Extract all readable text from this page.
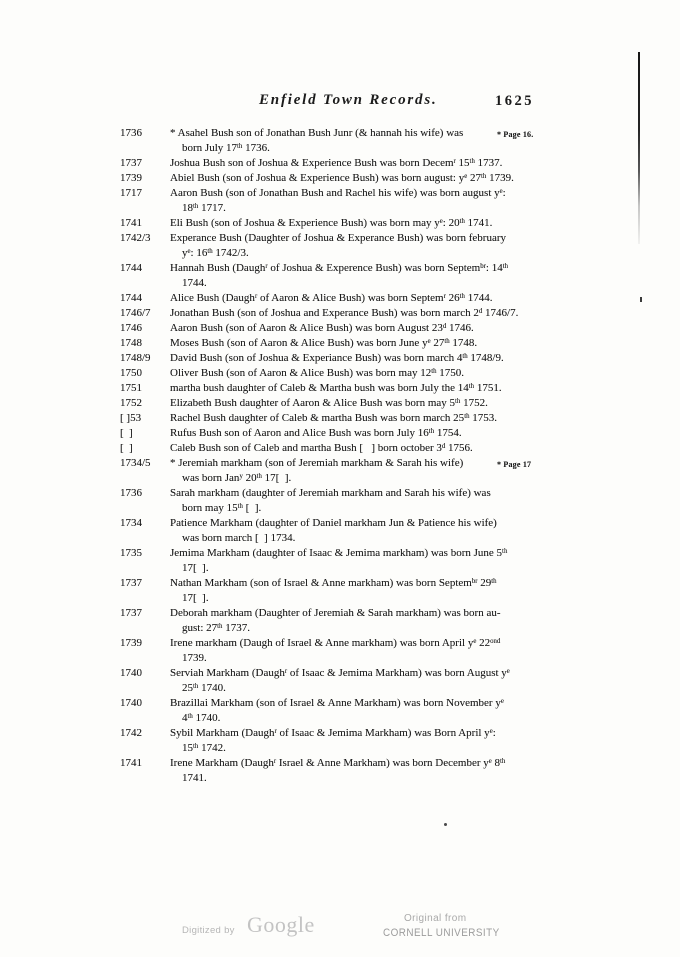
Enfield Town Records.	1625
1736	* Asahel Bush son of Jonathan Bush Junr (& hannah his wife) was
born July 17th 1736.
* Page 16.
1737	Joshua Bush son of Joshua & Experience Bush was born Decem$^r$ 15th 1737.
1739	Abiel Bush (son of Joshua & Experience Bush) was born august: $y^e$ 27th 1739.
1717	Aaron Bush (son of Jonathan Bush and Rachel his wife) was born august $y^e$:
18th 1717.
1741	Eli Bush (son of Joshua & Experience Bush) was born may $y^e$: 20th 1741.
1742/3 Experance Bush (Daughter of Joshua & Experance Bush) was born february
$y^e$: 16th 1742/3.
1744	Hannah Bush (Daugh$^r$ of Joshua & Experence Bush) was born Septem$^{br}$: 14th
1744.
1744	Alice Bush (Daugh$^r$ of Aaron & Alice Bush) was born Septem$^r$ 26th 1744.
1746/7 Jonathan Bush (son of Joshua and Experance Bush) was born march 2$^d$ 1746/7.
1746	Aaron Bush (son of Aaron & Alice Bush) was born August 23$^d$ 1746.
1748	Moses Bush (son of Aaron & Alice Bush) was born June $y^e$ 27th 1748.
1748/9 David Bush (son of Joshua & Experiance Bush) was born march 4th 1748/9.
1750	Oliver Bush (son of Aaron & Alice Bush) was born may 12th 1750.
1751	martha bush daughter of Caleb & Martha bush was born July the 14th 1751.
1752	Elizabeth Bush daughter of Aaron & Alice Bush was born may 5th 1752.
[ ]53	Rachel Bush daughter of Caleb & martha Bush was born march 25th 1753.
[  ]	Rufus Bush son of Aaron and Alice Bush was born July 16th 1754.
[  ]	Caleb Bush son of Caleb and martha Bush [   ] born october 3$^d$ 1756.
1734/5 * Jeremiah markham (son of Jeremiah markham & Sarah his wife)
was born Jan$^y$ 20th 17[  ].
* Page 17
1736	Sarah markham (daughter of Jeremiah markham and Sarah his wife) was
born may 15th [  ].
1734	Patience Markham (daughter of Daniel markham Jun & Patience his wife)
was born march [  ] 1734.
1735	Jemima Markham (daughter of Isaac & Jemima markham) was born June 5th
17[  ].
1737	Nathan Markham (son of Israel & Anne markham) was born Septem$^{br}$ 29th
17[  ].
1737	Deborah markham (Daughter of Jeremiah & Sarah markham) was born au-
gust: 27th 1737.
1739	Irene markham (Daugh of Israel & Anne markham) was born April $y^e$ $22^{ond}$
1739.
1740	Serviah Markham (Daugh$^r$ of Isaac & Jemima Markham) was born August $y^e$
25th 1740.
1740	Brazillai Markham (son of Israel & Anne Markham) was born November $y^e$
4th 1740.
1742	Sybil Markham (Daugh$^r$ of Isaac & Jemima Markham) was Born April $y^e$:
15th 1742.
1741	Irene Markham (Daugh$^r$ Israel & Anne Markham) was born December $y^e$ 8th
1741.
Digitized by Google	Original from
CORNELL UNIVERSITY
